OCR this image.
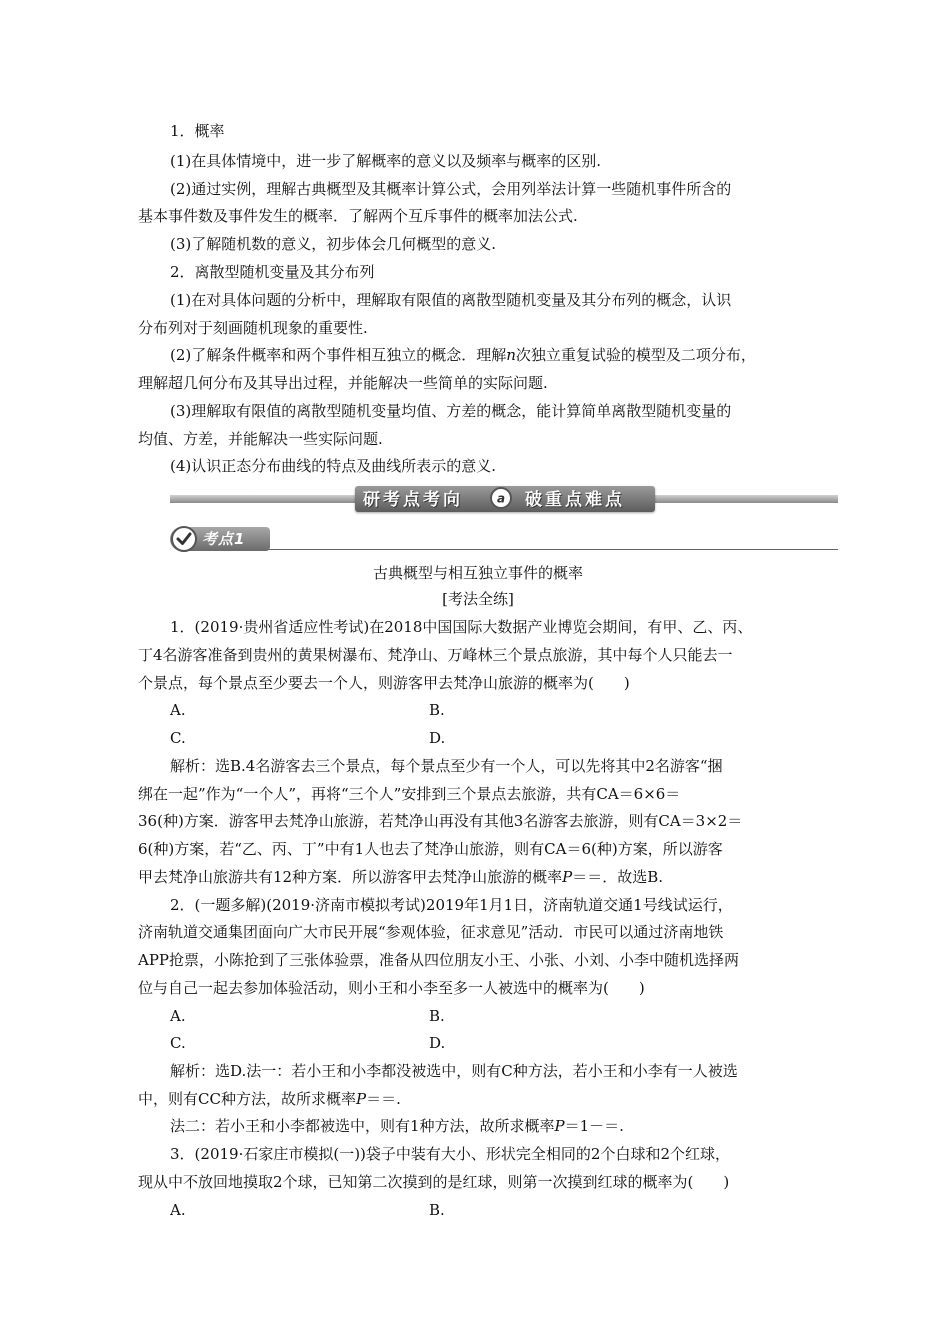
1．概率
(1)在具体情境中，进一步了解概率的意义以及频率与概率的区别.
(2)通过实例，理解古典概型及其概率计算公式，会用列举法计算一些随机事件所含的
基本事件数及事件发生的概率．了解两个互斥事件的概率加法公式.
(3)了解随机数的意义，初步体会几何概型的意义.
2．离散型随机变量及其分布列
(1)在对具体问题的分析中，理解取有限值的离散型随机变量及其分布列的概念，认识
分布列对于刻画随机现象的重要性.
(2)了解条件概率和两个事件相互独立的概念．理解n次独立重复试验的模型及二项分布，
理解超几何分布及其导出过程，并能解决一些简单的实际问题.
(3)理解取有限值的离散型随机变量均值、方差的概念，能计算简单离散型随机变量的
均值、方差，并能解决一些实际问题.
(4)认识正态分布曲线的特点及曲线所表示的意义.
研考点考向	a 破重点难点
考点1
古典概型与相互独立事件的概率
[考法全练]
1．(2019·贵州省适应性考试)在2018中国国际大数据产业博览会期间，有甲、乙、丙、
丁4名游客准备到贵州的黄果树瀑布、梵净山、万峰林三个景点旅游，其中每个人只能去一
个景点，每个景点至少要去一个人，则游客甲去梵净山旅游的概率为(　　)
A.	B.
C.	D.
解析：选B.4名游客去三个景点，每个景点至少有一个人，可以先将其中2名游客“捆
绑在一起”作为“一个人”，再将“三个人”安排到三个景点去旅游，共有CA＝6×6＝
36(种)方案．游客甲去梵净山旅游，若梵净山再没有其他3名游客去旅游，则有CA＝3×2＝
6(种)方案，若“乙、丙、丁”中有1人也去了梵净山旅游，则有CA＝6(种)方案，所以游客
甲去梵净山旅游共有12种方案．所以游客甲去梵净山旅游的概率P＝＝．故选B.
2．(一题多解)(2019·济南市模拟考试)2019年1月1日，济南轨道交通1号线试运行，
济南轨道交通集团面向广大市民开展“参观体验，征求意见”活动．市民可以通过济南地铁
APP抢票，小陈抢到了三张体验票，准备从四位朋友小王、小张、小刘、小李中随机选择两
位与自己一起去参加体验活动，则小王和小李至多一人被选中的概率为(　　)
A.	B.
C.	D.
解析：选D.法一：若小王和小李都没被选中，则有C种方法，若小王和小李有一人被选
中，则有CC种方法，故所求概率P＝＝.
法二：若小王和小李都被选中，则有1种方法，故所求概率P＝1－＝.
3．(2019·石家庄市模拟(一))袋子中装有大小、形状完全相同的2个白球和2个红球，
现从中不放回地摸取2个球，已知第二次摸到的是红球，则第一次摸到红球的概率为(　　)
A.	B.
